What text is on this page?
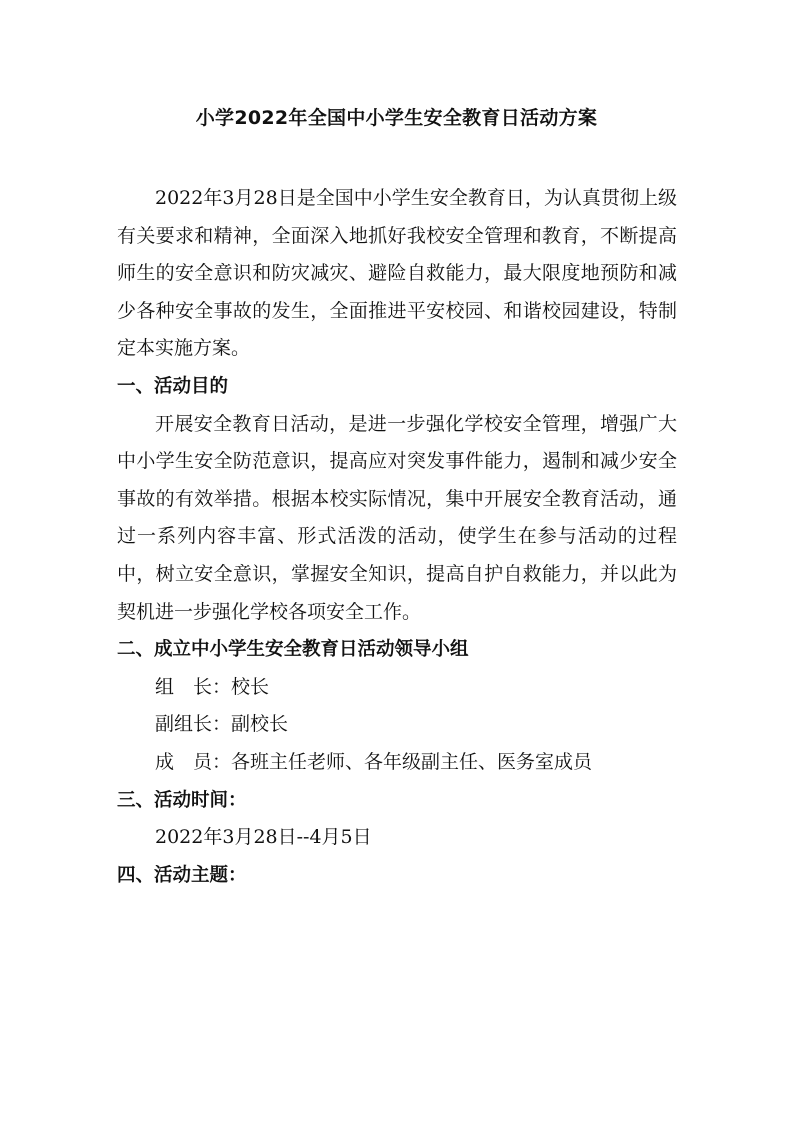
小学2022年全国中小学生安全教育日活动方案

2022年3月28日是全国中小学生安全教育日，为认真贯彻上级有关要求和精神，全面深入地抓好我校安全管理和教育，不断提高师生的安全意识和防灾减灾、避险自救能力，最大限度地预防和减少各种安全事故的发生，全面推进平安校园、和谐校园建设，特制定本实施方案。

一、活动目的

开展安全教育日活动，是进一步强化学校安全管理，增强广大中小学生安全防范意识，提高应对突发事件能力，遏制和减少安全事故的有效举措。根据本校实际情况，集中开展安全教育活动，通过一系列内容丰富、形式活泼的活动，使学生在参与活动的过程中，树立安全意识，掌握安全知识，提高自护自救能力，并以此为契机进一步强化学校各项安全工作。

二、成立中小学生安全教育日活动领导小组

组　长：校长

副组长：副校长

成　员：各班主任老师、各年级副主任、医务室成员

三、活动时间：

2022年3月28日--4月5日

四、活动主题：
